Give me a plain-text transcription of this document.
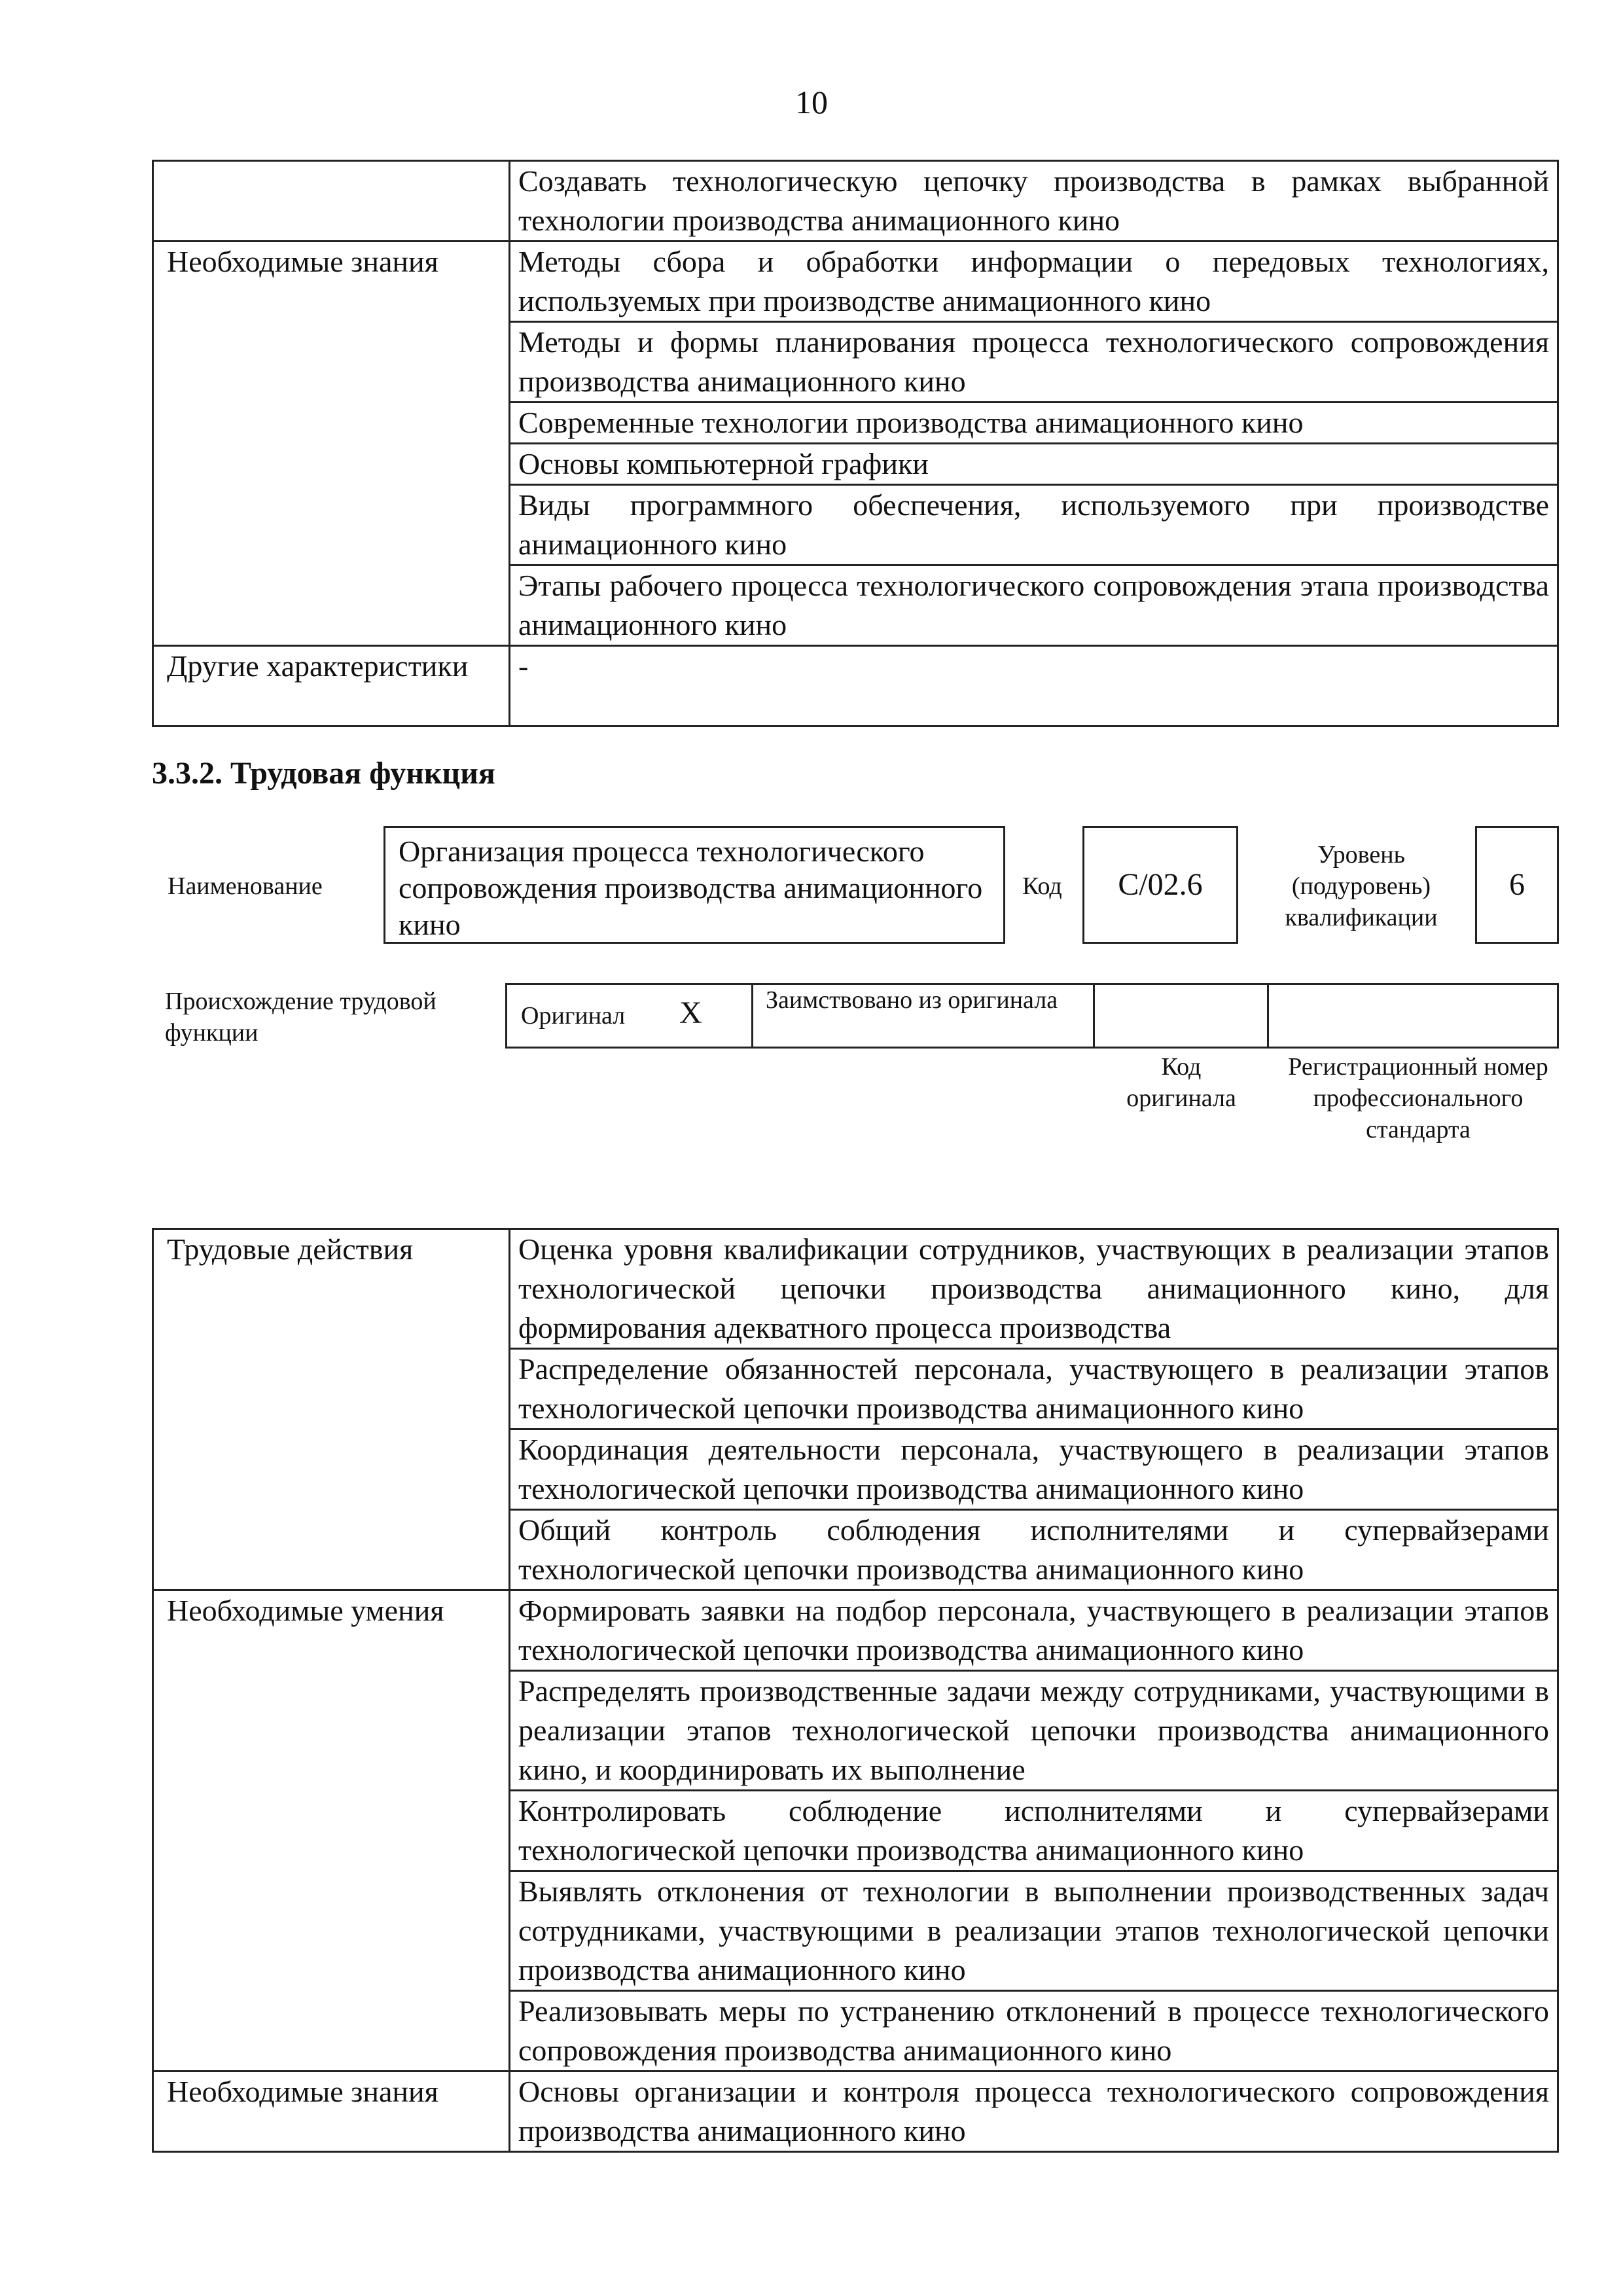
10
	Создавать технологическую цепочку производства в рамках выбранной технологии производства анимационного кино
Необходимые знания	Методы сбора и обработки информации о передовых технологиях, используемых при производстве анимационного кино
	Методы и формы планирования процесса технологического сопровождения производства анимационного кино
	Современные технологии производства анимационного кино
	Основы компьютерной графики
	Виды программного обеспечения, используемого при производстве анимационного кино
	Этапы рабочего процесса технологического сопровождения этапа производства анимационного кино
Другие характеристики	-
3.3.2. Трудовая функция
Наименование
Организация процесса технологического сопровождения производства анимационного кино
Код	C/02.6
Уровень (подуровень) квалификации
6
Происхождение трудовой функции
Оригинал X	Заимствовано из оригинала
Код оригинала
Регистрационный номер профессионального стандарта
Трудовые действия	Оценка уровня квалификации сотрудников, участвующих в реализации этапов технологической цепочки производства анимационного кино, для формирования адекватного процесса производства
	Распределение обязанностей персонала, участвующего в реализации этапов технологической цепочки производства анимационного кино
	Координация деятельности персонала, участвующего в реализации этапов технологической цепочки производства анимационного кино
	Общий контроль соблюдения исполнителями и супервайзерами технологической цепочки производства анимационного кино
Необходимые умения	Формировать заявки на подбор персонала, участвующего в реализации этапов технологической цепочки производства анимационного кино
	Распределять производственные задачи между сотрудниками, участвующими в реализации этапов технологической цепочки производства анимационного кино, и координировать их выполнение
	Контролировать соблюдение исполнителями и супервайзерами технологической цепочки производства анимационного кино
	Выявлять отклонения от технологии в выполнении производственных задач сотрудниками, участвующими в реализации этапов технологической цепочки производства анимационного кино
	Реализовывать меры по устранению отклонений в процессе технологического сопровождения производства анимационного кино
Необходимые знания	Основы организации и контроля процесса технологического сопровождения производства анимационного кино
